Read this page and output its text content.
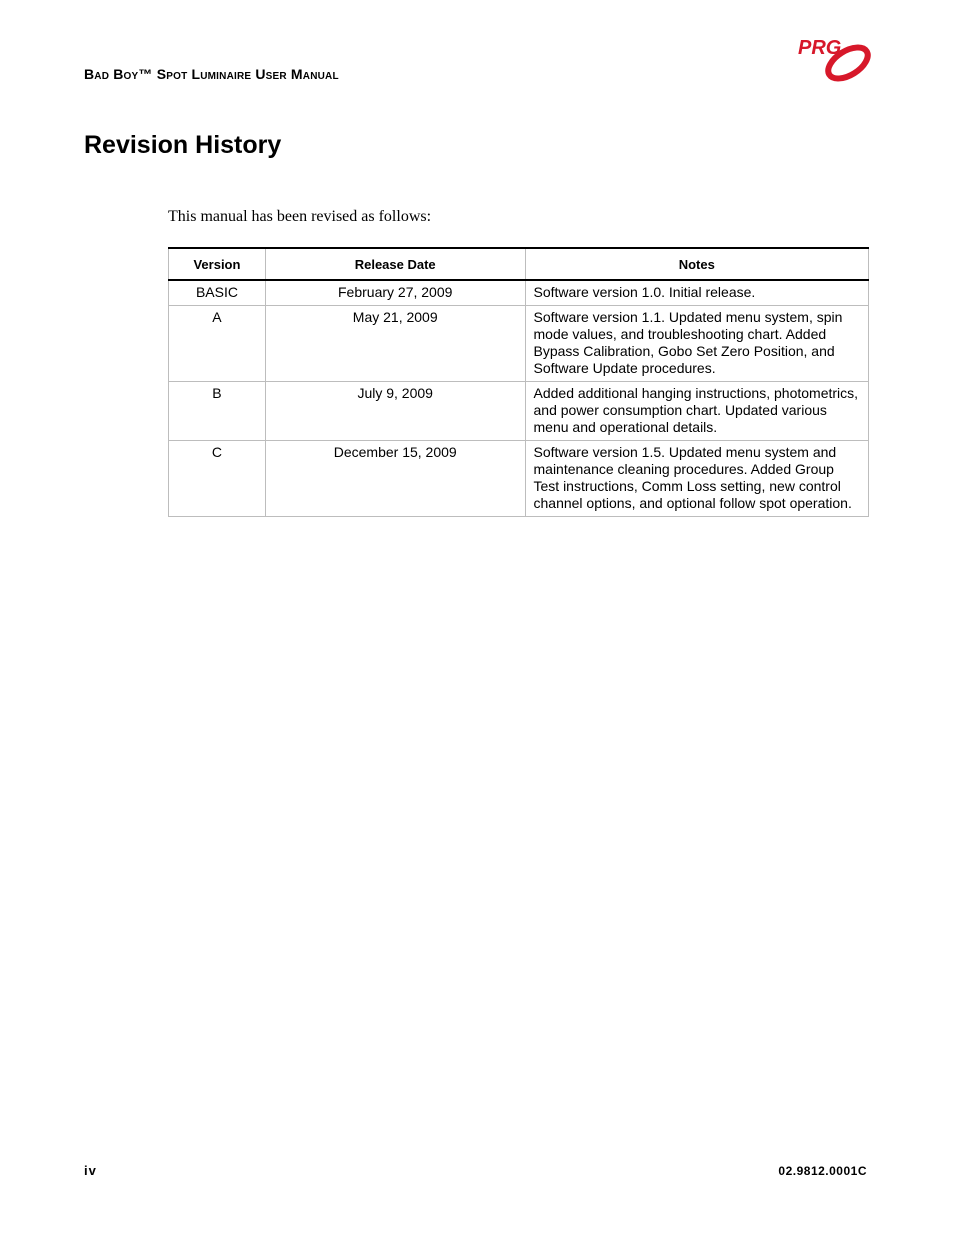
Bad Boy™ Spot Luminaire User Manual
PRG
Revision History
This manual has been revised as follows:
Version	Release Date	Notes
BASIC	February 27, 2009	Software version 1.0. Initial release.
A	May 21, 2009	Software version 1.1. Updated menu system, spin mode values, and troubleshooting chart. Added Bypass Calibration, Gobo Set Zero Position, and Software Update procedures.
B	July 9, 2009	Added additional hanging instructions, photometrics, and power consumption chart. Updated various menu and operational details.
C	December 15, 2009	Software version 1.5. Updated menu system and maintenance cleaning procedures. Added Group Test instructions, Comm Loss setting, new control channel options, and optional follow spot operation.
iv	02.9812.0001C
